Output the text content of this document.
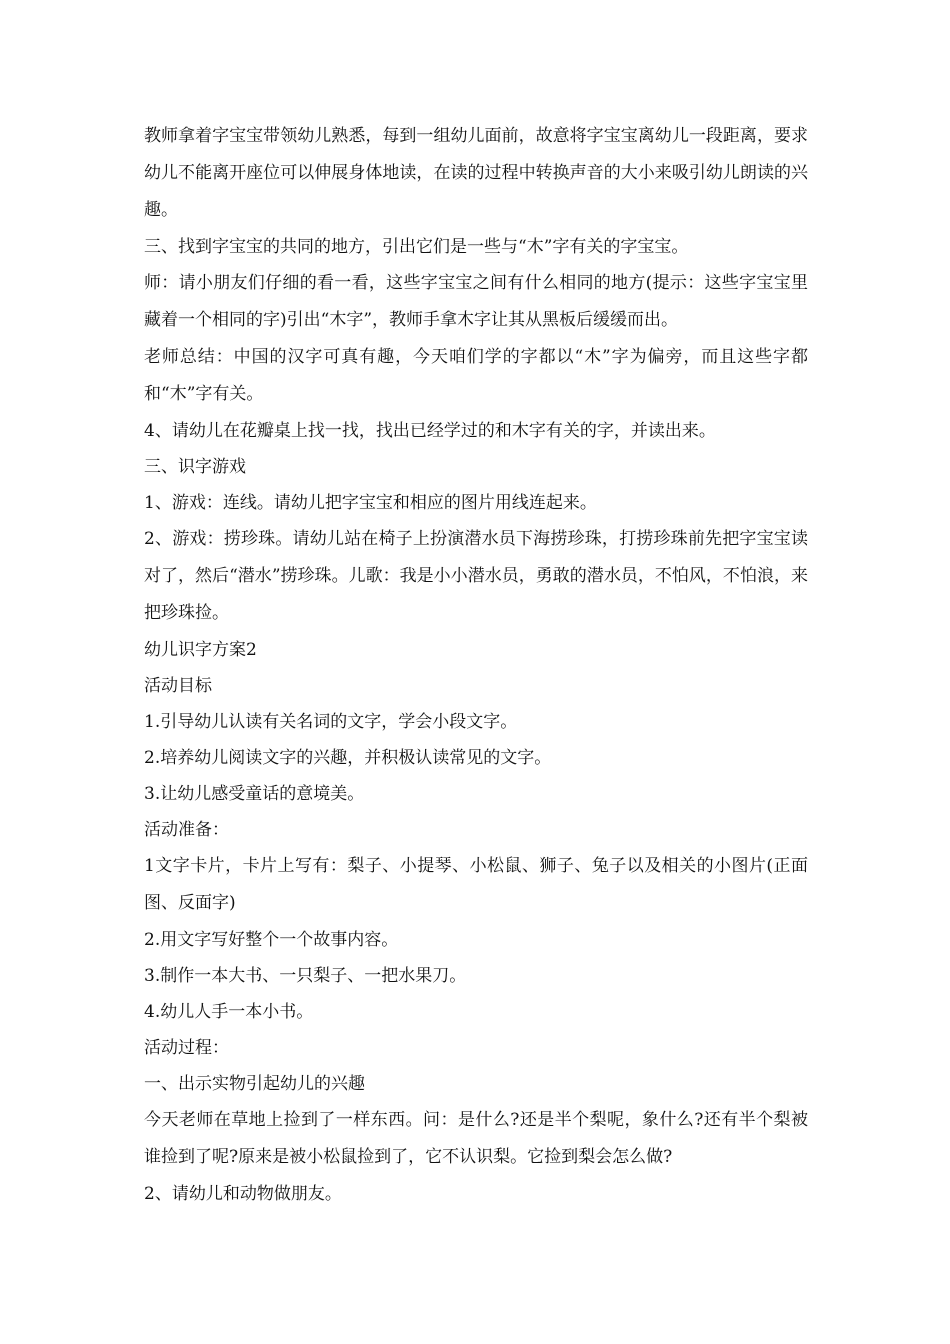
教师拿着字宝宝带领幼儿熟悉，每到一组幼儿面前，故意将字宝宝离幼儿一段距离，要求幼儿不能离开座位可以伸展身体地读，在读的过程中转换声音的大小来吸引幼儿朗读的兴趣。

三、找到字宝宝的共同的地方，引出它们是一些与“木”字有关的字宝宝。

师：请小朋友们仔细的看一看，这些字宝宝之间有什么相同的地方(提示：这些字宝宝里藏着一个相同的字)引出“木字”，教师手拿木字让其从黑板后缓缓而出。

老师总结：中国的汉字可真有趣，今天咱们学的字都以“木”字为偏旁，而且这些字都和“木”字有关。

4、请幼儿在花瓣桌上找一找，找出已经学过的和木字有关的字，并读出来。

三、识字游戏

1、游戏：连线。请幼儿把字宝宝和相应的图片用线连起来。

2、游戏：捞珍珠。请幼儿站在椅子上扮演潜水员下海捞珍珠，打捞珍珠前先把字宝宝读对了，然后“潜水”捞珍珠。儿歌：我是小小潜水员，勇敢的潜水员，不怕风，不怕浪，来把珍珠捡。

幼儿识字方案2

活动目标

1.引导幼儿认读有关名词的文字，学会小段文字。

2.培养幼儿阅读文字的兴趣，并积极认读常见的文字。

3.让幼儿感受童话的意境美。

活动准备：

1文字卡片，卡片上写有：梨子、小提琴、小松鼠、狮子、兔子以及相关的小图片(正面图、反面字)

2.用文字写好整个一个故事内容。

3.制作一本大书、一只梨子、一把水果刀。

4.幼儿人手一本小书。

活动过程：

一、出示实物引起幼儿的兴趣

今天老师在草地上捡到了一样东西。问：是什么?还是半个梨呢，象什么?还有半个梨被谁捡到了呢?原来是被小松鼠捡到了，它不认识梨。它捡到梨会怎么做?

2、请幼儿和动物做朋友。
